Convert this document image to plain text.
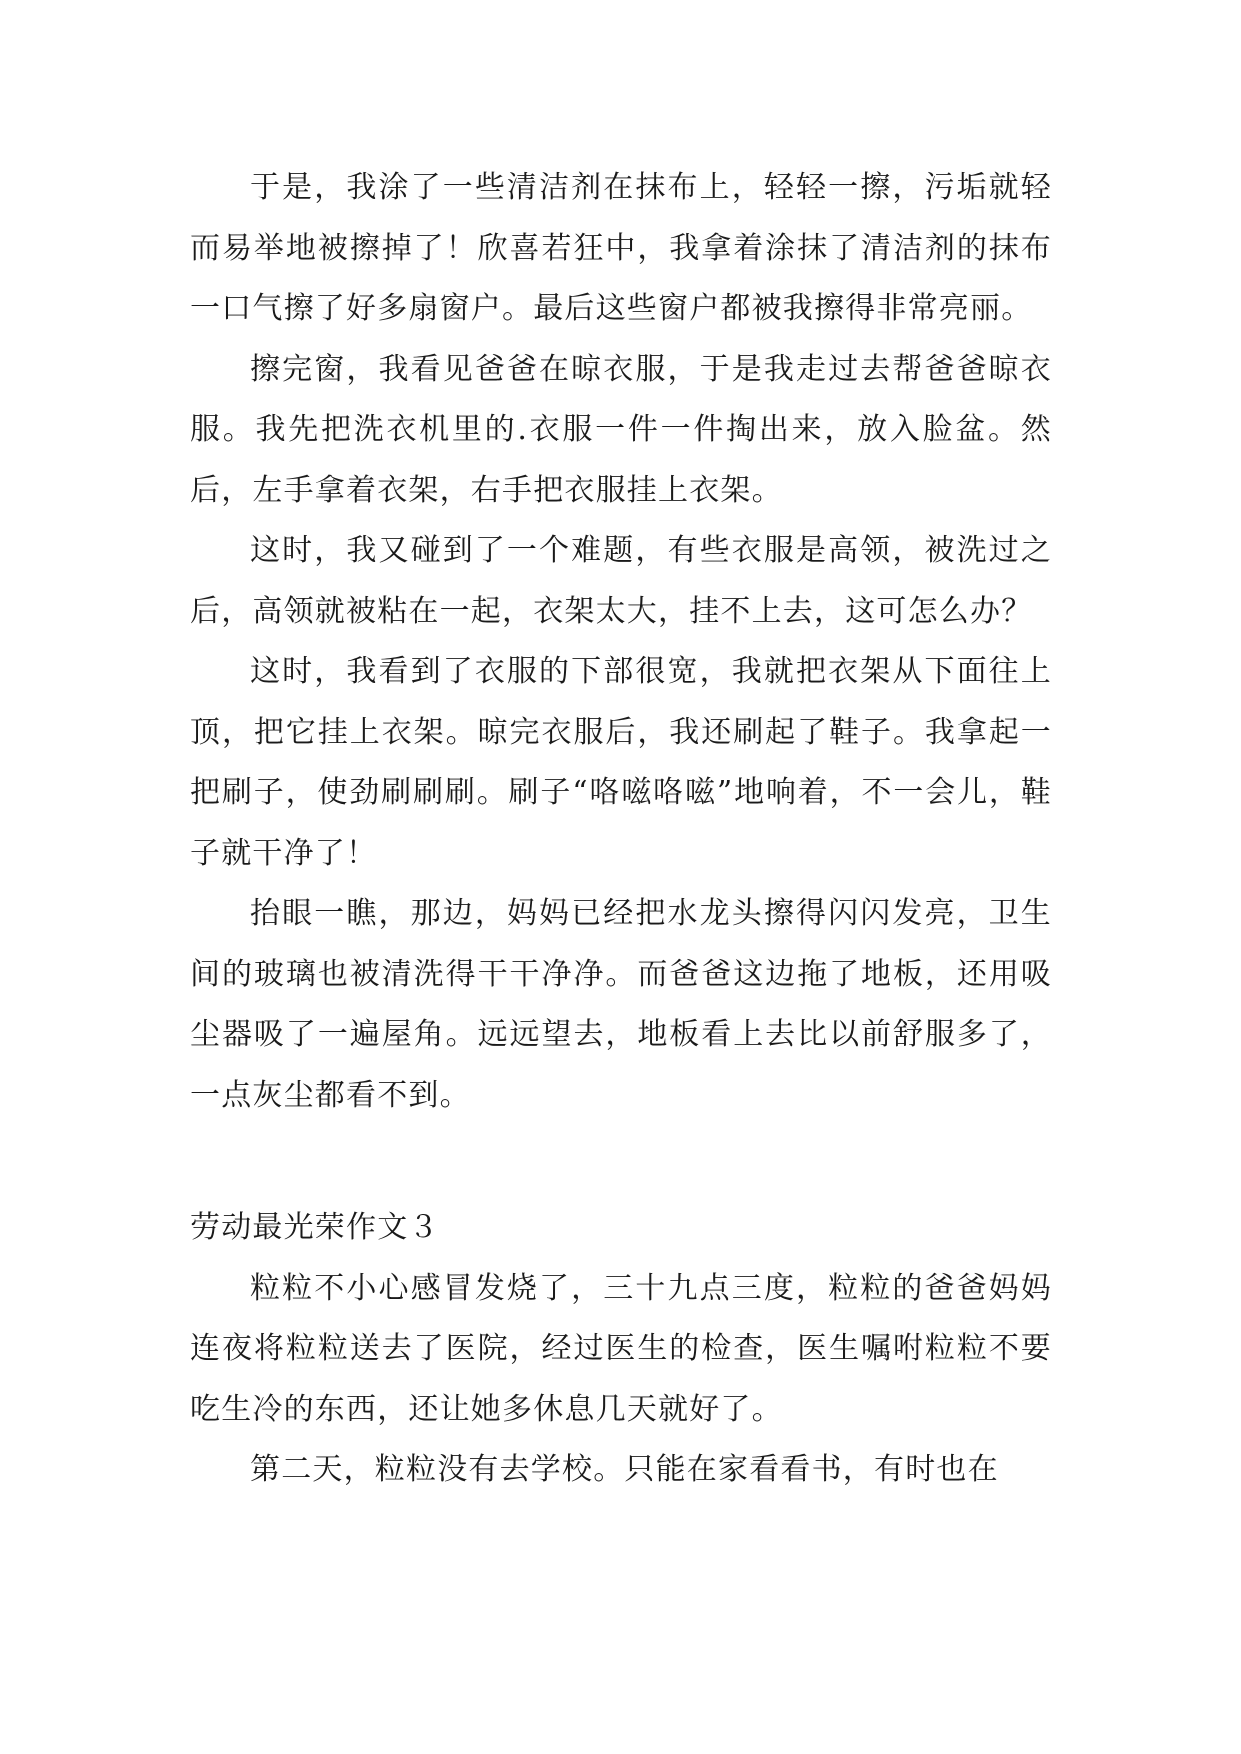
于是，我涂了一些清洁剂在抹布上，轻轻一擦，污垢就轻而易举地被擦掉了！欣喜若狂中，我拿着涂抹了清洁剂的抹布一口气擦了好多扇窗户。最后这些窗户都被我擦得非常亮丽。

擦完窗，我看见爸爸在晾衣服，于是我走过去帮爸爸晾衣服。我先把洗衣机里的.衣服一件一件掏出来，放入脸盆。然后，左手拿着衣架，右手把衣服挂上衣架。

这时，我又碰到了一个难题，有些衣服是高领，被洗过之后，高领就被粘在一起，衣架太大，挂不上去，这可怎么办？

这时，我看到了衣服的下部很宽，我就把衣架从下面往上顶，把它挂上衣架。晾完衣服后，我还刷起了鞋子。我拿起一把刷子，使劲刷刷刷。刷子“咯嗞咯嗞”地响着，不一会儿，鞋子就干净了！

抬眼一瞧，那边，妈妈已经把水龙头擦得闪闪发亮，卫生间的玻璃也被清洗得干干净净。而爸爸这边拖了地板，还用吸尘器吸了一遍屋角。远远望去，地板看上去比以前舒服多了，一点灰尘都看不到。

劳动最光荣作文３

粒粒不小心感冒发烧了，三十九点三度，粒粒的爸爸妈妈连夜将粒粒送去了医院，经过医生的检查，医生嘱咐粒粒不要吃生冷的东西，还让她多休息几天就好了。

第二天，粒粒没有去学校。只能在家看看书，有时也在
